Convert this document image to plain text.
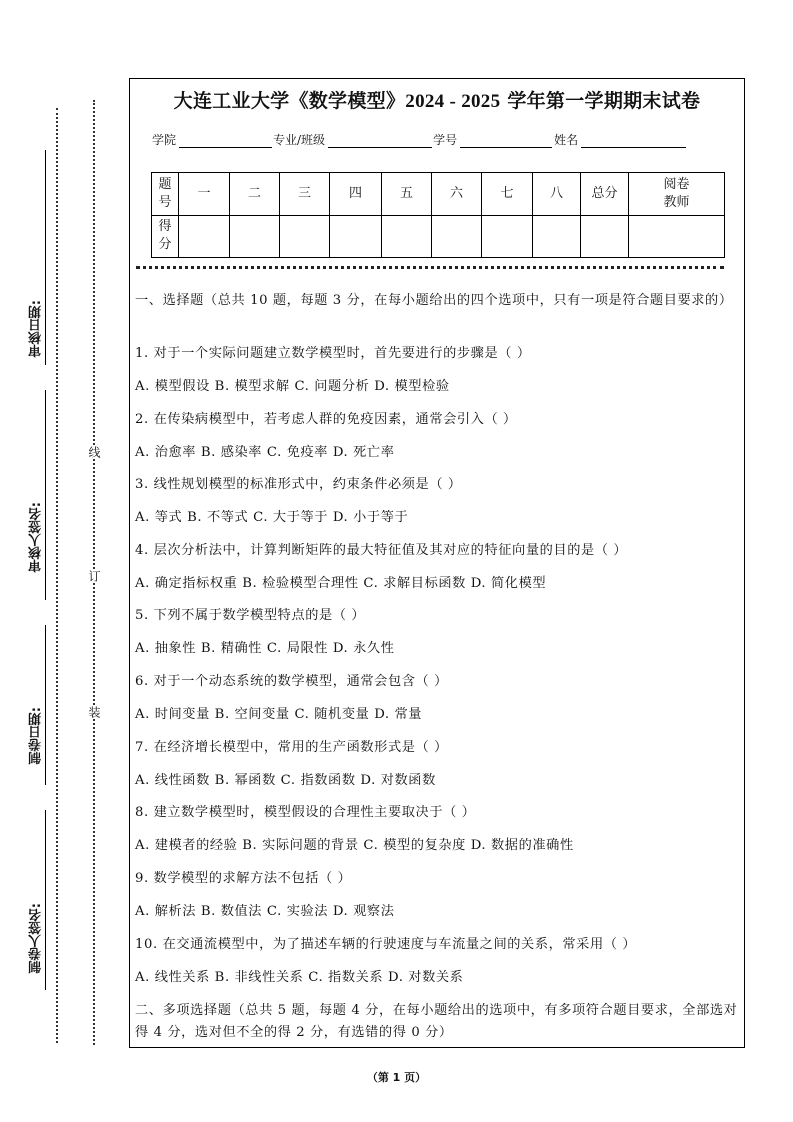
审核日期:
审核人签名:
制卷日期:
制卷人签名:
线
订
装
大连工业大学《数学模型》2024 - 2025 学年第一学期期末试卷
学院	专业/班级	学号	姓名
题号	一	二	三	四	五	六	七	八	总分	阅卷教师
得分										
一、选择题（总共 10 题，每题 3 分，在每小题给出的四个选项中，只有一项是符合题目要求的）
1. 对于一个实际问题建立数学模型时，首先要进行的步骤是（ ）
A. 模型假设 B. 模型求解 C. 问题分析 D. 模型检验
2. 在传染病模型中，若考虑人群的免疫因素，通常会引入（ ）
A. 治愈率 B. 感染率 C. 免疫率 D. 死亡率
3. 线性规划模型的标准形式中，约束条件必须是（ ）
A. 等式 B. 不等式 C. 大于等于 D. 小于等于
4. 层次分析法中，计算判断矩阵的最大特征值及其对应的特征向量的目的是（ ）
A. 确定指标权重 B. 检验模型合理性 C. 求解目标函数 D. 简化模型
5. 下列不属于数学模型特点的是（ ）
A. 抽象性 B. 精确性 C. 局限性 D. 永久性
6. 对于一个动态系统的数学模型，通常会包含（ ）
A. 时间变量 B. 空间变量 C. 随机变量 D. 常量
7. 在经济增长模型中，常用的生产函数形式是（ ）
A. 线性函数 B. 幂函数 C. 指数函数 D. 对数函数
8. 建立数学模型时，模型假设的合理性主要取决于（ ）
A. 建模者的经验 B. 实际问题的背景 C. 模型的复杂度 D. 数据的准确性
9. 数学模型的求解方法不包括（ ）
A. 解析法 B. 数值法 C. 实验法 D. 观察法
10. 在交通流模型中，为了描述车辆的行驶速度与车流量之间的关系，常采用（ ）
A. 线性关系 B. 非线性关系 C. 指数关系 D. 对数关系
二、多项选择题（总共 5 题，每题 4 分，在每小题给出的选项中，有多项符合题目要求，全部选对得 4 分，选对但不全的得 2 分，有选错的得 0 分）
（第 1 页）
